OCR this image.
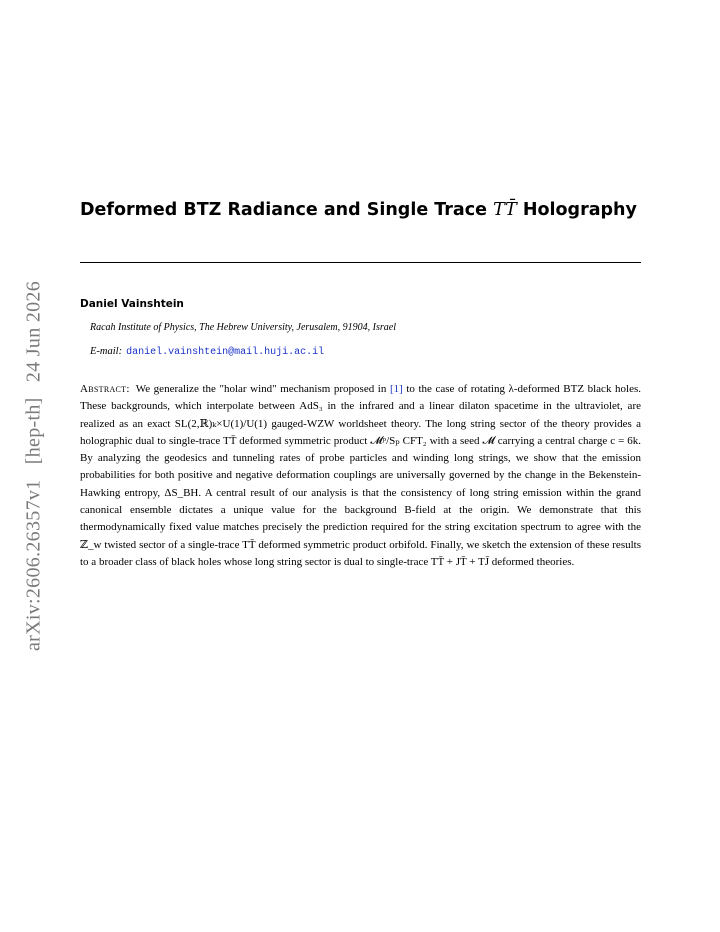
arXiv:2606.26357v1 [hep-th] 24 Jun 2026
Deformed BTZ Radiance and Single Trace TT̄ Holography
Daniel Vainshtein
Racah Institute of Physics, The Hebrew University, Jerusalem, 91904, Israel
E-mail: daniel.vainshtein@mail.huji.ac.il

Abstract: We generalize the "holar wind" mechanism proposed in [1] to the case of rotating λ-deformed BTZ black holes. These backgrounds, which interpolate between AdS₃ in the infrared and a linear dilaton spacetime in the ultraviolet, are realized as an exact SL(2,ℝ)ₖ×U(1)/U(1) gauged-WZW worldsheet theory. The long string sector of the theory provides a holographic dual to single-trace TT̄ deformed symmetric product 𝓜ᵖ/Sₚ CFT₂ with a seed 𝓜 carrying a central charge c = 6k. By analyzing the geodesics and tunneling rates of probe particles and winding long strings, we show that the emission probabilities for both positive and negative deformation couplings are universally governed by the change in the Bekenstein-Hawking entropy, ΔS_BH. A central result of our analysis is that the consistency of long string emission within the grand canonical ensemble dictates a unique value for the background B-field at the origin. We demonstrate that this thermodynamically fixed value matches precisely the prediction required for the string excitation spectrum to agree with the ℤ_w twisted sector of a single-trace TT̄ deformed symmetric product orbifold. Finally, we sketch the extension of these results to a broader class of black holes whose long string sector is dual to single-trace TT̄ + JT̄ + TJ̄ deformed theories.
